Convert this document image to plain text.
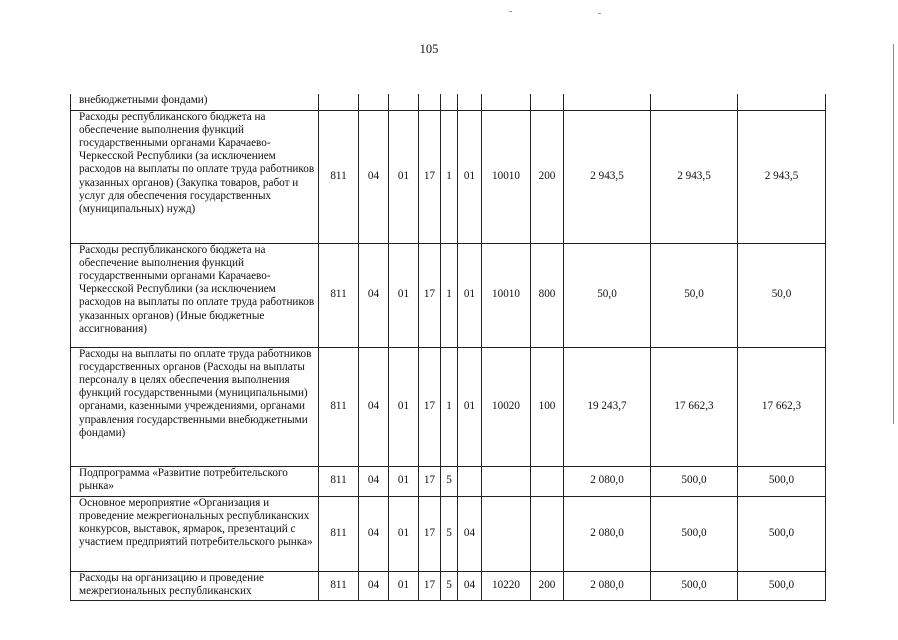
105
внебюджетными фондами)											
Расходы республиканского бюджета на обеспечение выполнения функций государственными органами Карачаево-Черкесской Республики (за исключением расходов на выплаты по оплате труда работников указанных органов) (Закупка товаров, работ и услуг для обеспечения государственных (муниципальных) нужд)	811	04	01	17	1	01	10010	200	2 943,5	2 943,5	2 943,5
Расходы республиканского бюджета на обеспечение выполнения функций государственными органами Карачаево-Черкесской Республики (за исключением расходов на выплаты по оплате труда работников указанных органов) (Иные бюджетные ассигнования)	811	04	01	17	1	01	10010	800	50,0	50,0	50,0
Расходы на выплаты по оплате труда работников государственных органов (Расходы на выплаты персоналу в целях обеспечения выполнения функций государственными (муниципальными) органами, казенными учреждениями, органами управления государственными внебюджетными фондами)	811	04	01	17	1	01	10020	100	19 243,7	17 662,3	17 662,3
Подпрограмма «Развитие потребительского рынка»	811	04	01	17	5				2 080,0	500,0	500,0
Основное мероприятие «Организация и проведение межрегиональных республиканских конкурсов, выставок, ярмарок, презентаций с участием предприятий потребительского рынка»	811	04	01	17	5	04			2 080,0	500,0	500,0
Расходы на организацию и проведение межрегиональных республиканских	811	04	01	17	5	04	10220	200	2 080,0	500,0	500,0
